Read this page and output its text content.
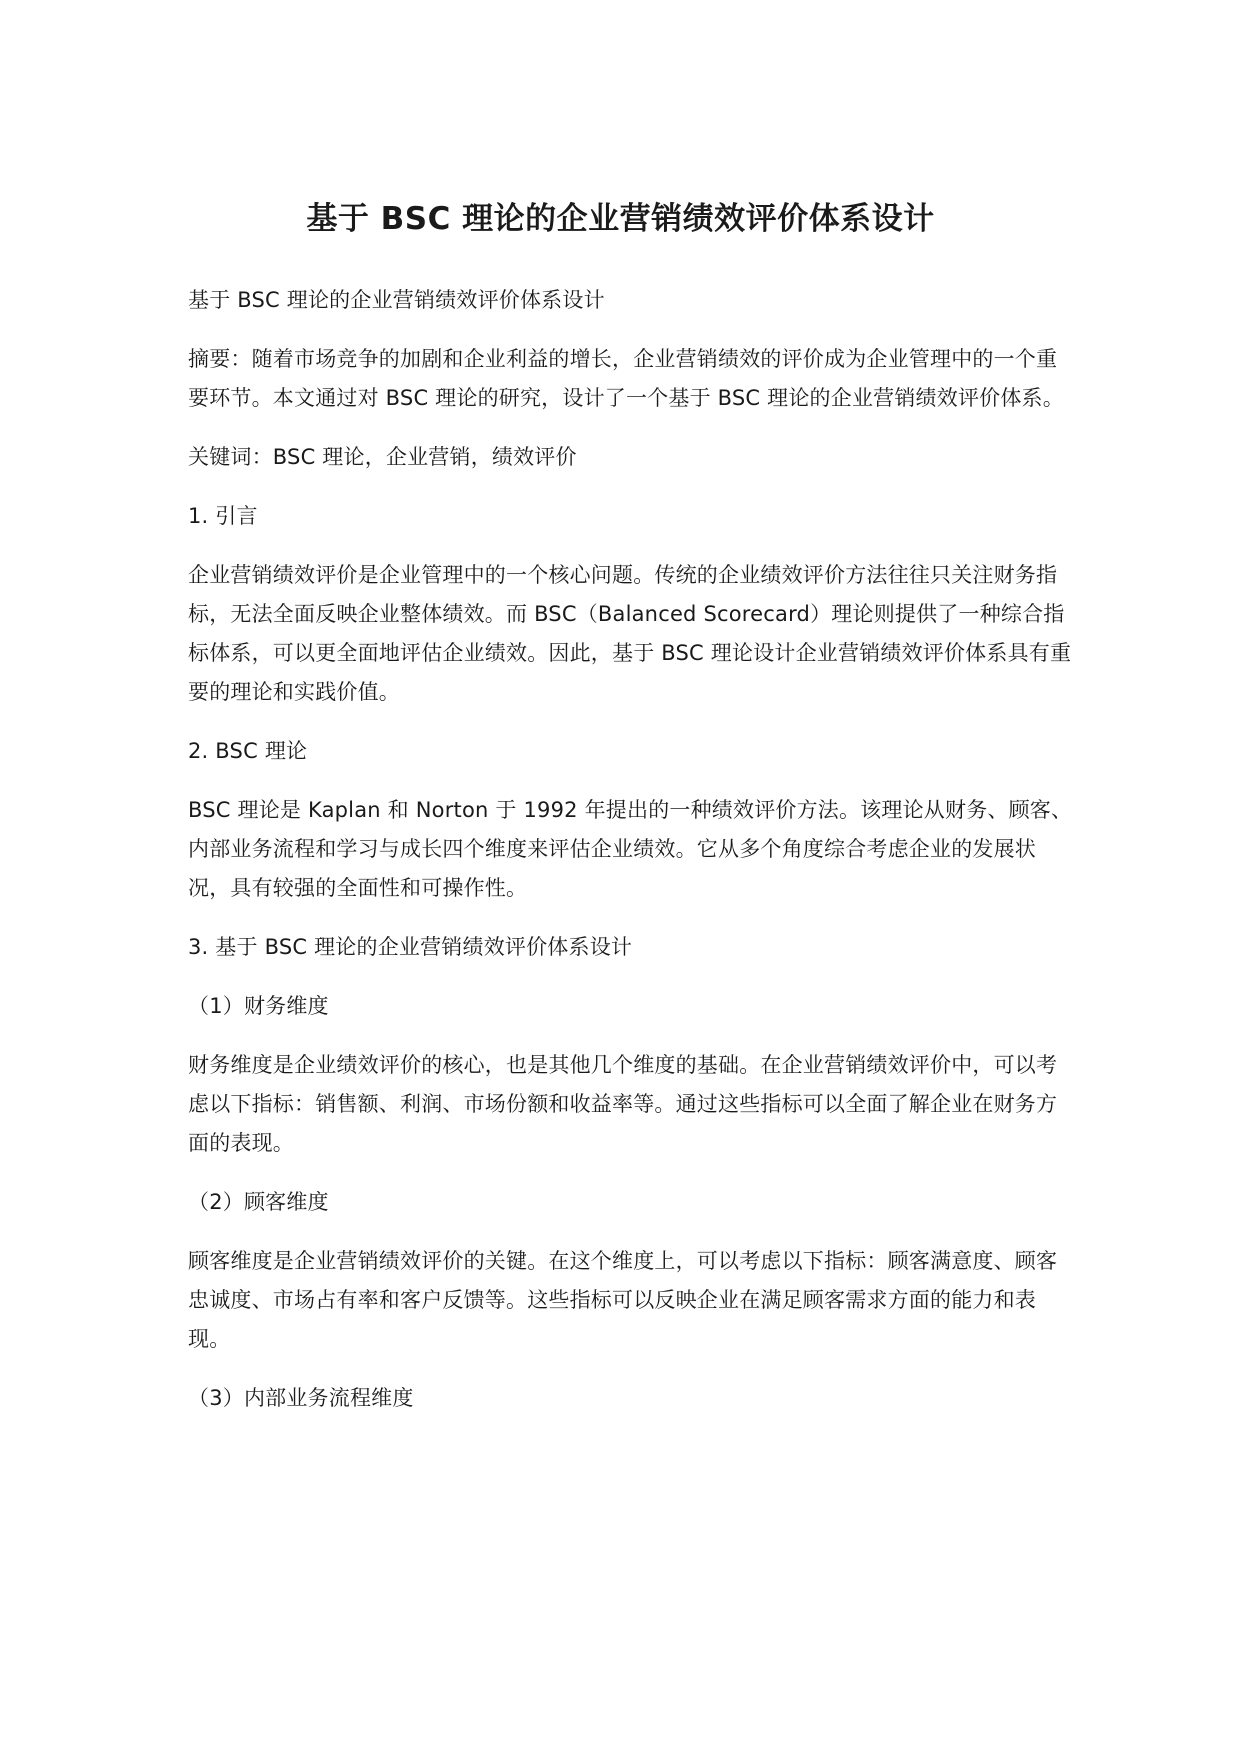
基于 BSC 理论的企业营销绩效评价体系设计

基于 BSC 理论的企业营销绩效评价体系设计

摘要：随着市场竞争的加剧和企业利益的增长，企业营销绩效的评价成为企业管理中的一个重要环节。本文通过对 BSC 理论的研究，设计了一个基于 BSC 理论的企业营销绩效评价体系。

关键词：BSC 理论，企业营销，绩效评价

1. 引言

企业营销绩效评价是企业管理中的一个核心问题。传统的企业绩效评价方法往往只关注财务指标，无法全面反映企业整体绩效。而 BSC（Balanced Scorecard）理论则提供了一种综合指标体系，可以更全面地评估企业绩效。因此，基于 BSC 理论设计企业营销绩效评价体系具有重要的理论和实践价值。

2. BSC 理论

BSC 理论是 Kaplan 和 Norton 于 1992 年提出的一种绩效评价方法。该理论从财务、顾客、内部业务流程和学习与成长四个维度来评估企业绩效。它从多个角度综合考虑企业的发展状况，具有较强的全面性和可操作性。

3. 基于 BSC 理论的企业营销绩效评价体系设计

（1）财务维度

财务维度是企业绩效评价的核心，也是其他几个维度的基础。在企业营销绩效评价中，可以考虑以下指标：销售额、利润、市场份额和收益率等。通过这些指标可以全面了解企业在财务方面的表现。

（2）顾客维度

顾客维度是企业营销绩效评价的关键。在这个维度上，可以考虑以下指标：顾客满意度、顾客忠诚度、市场占有率和客户反馈等。这些指标可以反映企业在满足顾客需求方面的能力和表现。

（3）内部业务流程维度
